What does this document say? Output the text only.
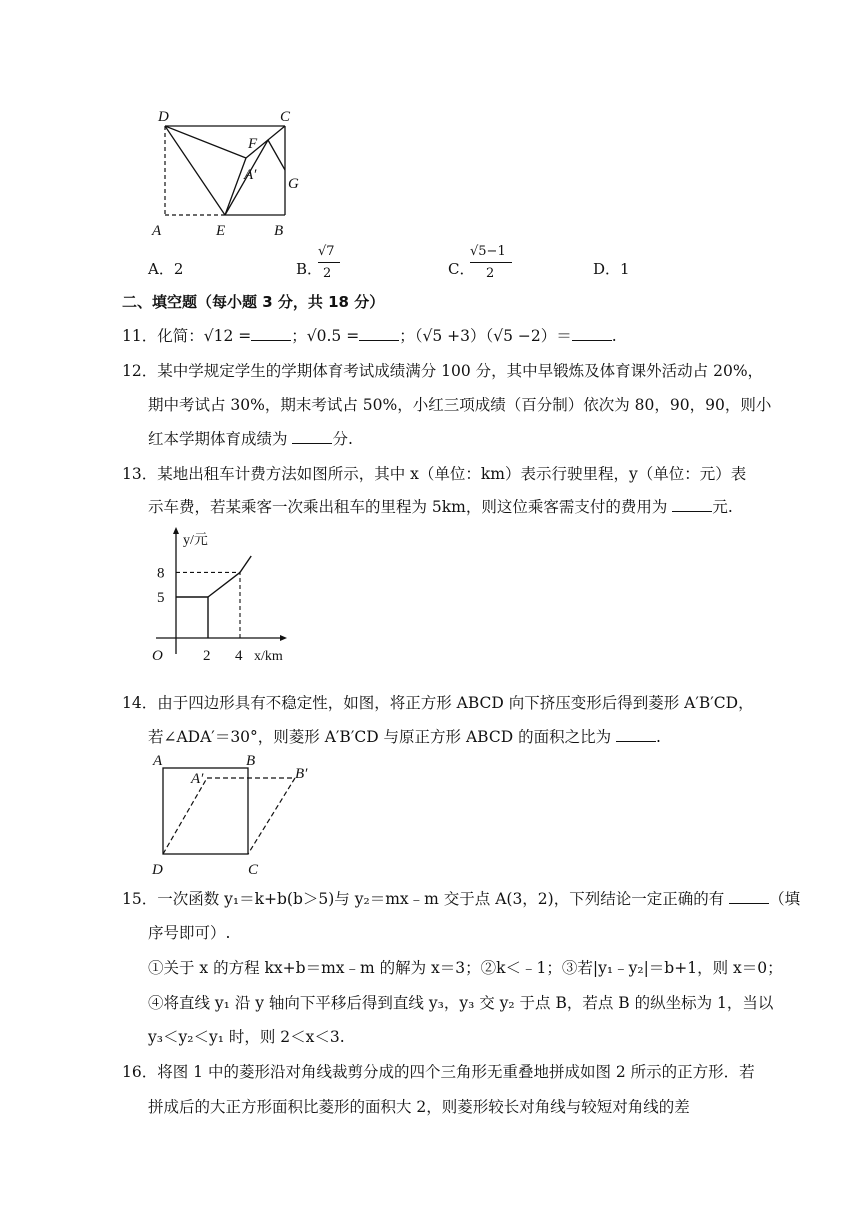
D	C
F
A′
G
A	E	B
A．2	B．
√7
2	C．
√5−1
2	D．1
二、填空题（每小题 3 分，共 18 分）
11．化简：√12 =	；√0.5 =	；（√5 +3）（√5 −2）＝	.
12．某中学规定学生的学期体育考试成绩满分 100 分，其中早锻炼及体育课外活动占 20%，
期中考试占 30%，期末考试占 50%，小红三项成绩（百分制）依次为 80，90，90，则小
红本学期体育成绩为	分.
13．某地出租车计费方法如图所示，其中 x（单位：km）表示行驶里程，y（单位：元）表
示车费，若某乘客一次乘出租车的里程为 5km，则这位乘客需支付的费用为	元.
y/元
x/km
O	2 4
5
8
14．由于四边形具有不稳定性，如图，将正方形 ABCD 向下挤压变形后得到菱形 A′B′CD，
若∠ADA′＝30°，则菱形 A′B′CD 与原正方形 ABCD 的面积之比为	.
A	B
A′	B′
D	C
15．一次函数 y₁＝k+b(b＞5)与 y₂＝mx﹣m 交于点 A(3，2)，下列结论一定正确的有	（填
序号即可）.
①关于 x 的方程 kx+b＝mx﹣m 的解为 x＝3；②k＜﹣1；③若|y₁﹣y₂|＝b+1，则 x＝0；
④将直线 y₁ 沿 y 轴向下平移后得到直线 y₃，y₃ 交 y₂ 于点 B，若点 B 的纵坐标为 1，当以
y₃＜y₂＜y₁ 时，则 2＜x＜3.
16．将图 1 中的菱形沿对角线裁剪分成的四个三角形无重叠地拼成如图 2 所示的正方形．若
拼成后的大正方形面积比菱形的面积大 2，则菱形较长对角线与较短对角线的差
